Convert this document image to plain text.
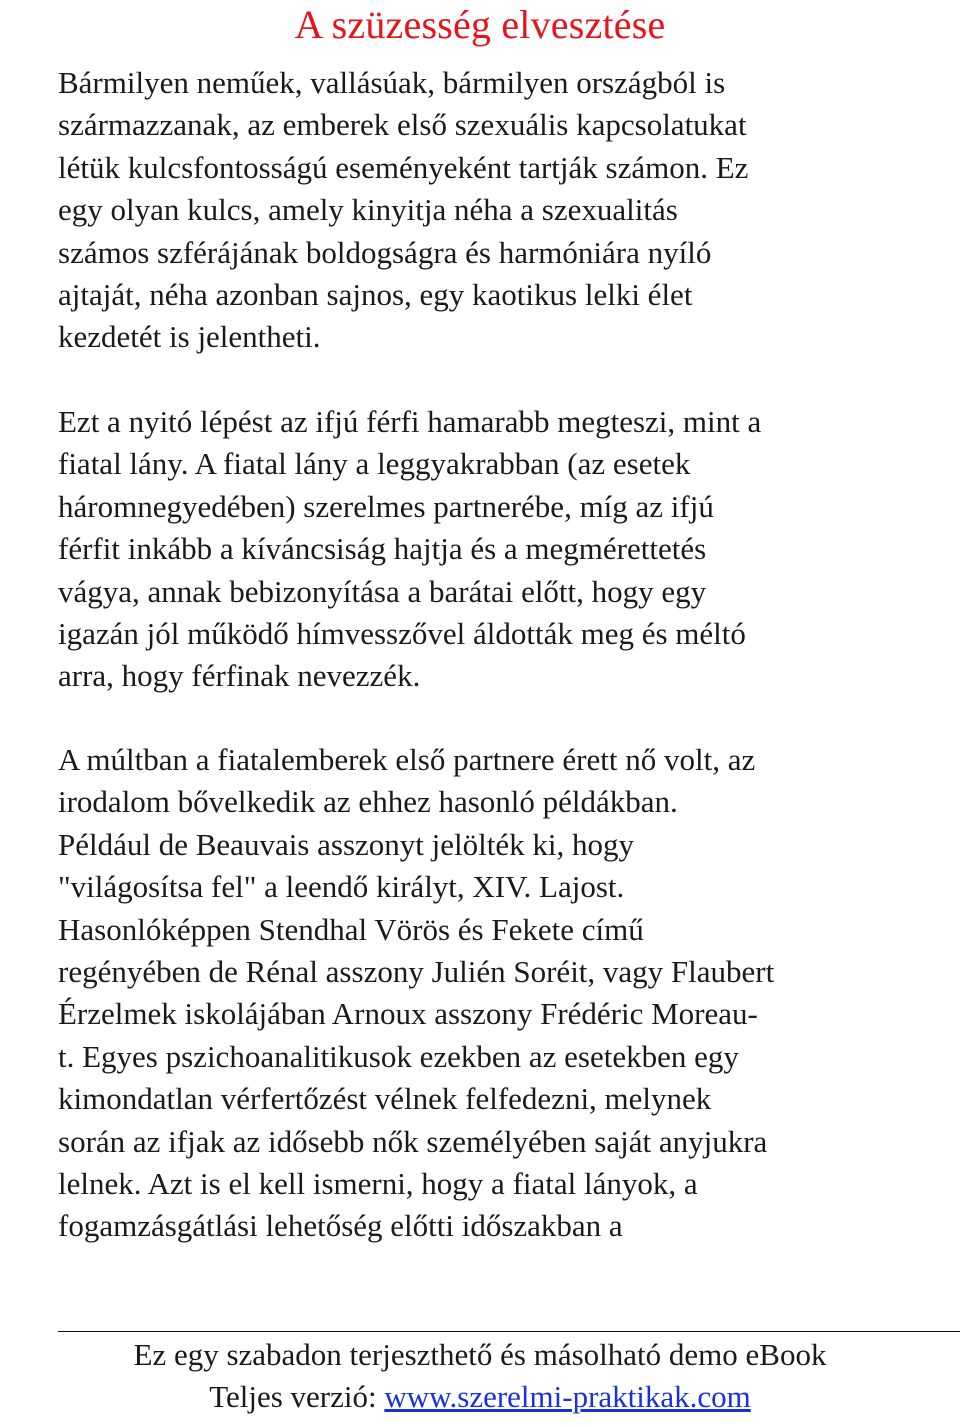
A szüzesség elvesztése
Bármilyen neműek, vallásúak, bármilyen országból is
származzanak, az emberek első szexuális kapcsolatukat
létük kulcsfontosságú eseményeként tartják számon. Ez
egy olyan kulcs, amely kinyitja néha a szexualitás
számos szférájának boldogságra és harmóniára nyíló
ajtaját, néha azonban sajnos, egy kaotikus lelki élet
kezdetét is jelentheti.
Ezt a nyitó lépést az ifjú férfi hamarabb megteszi, mint a
fiatal lány. A fiatal lány a leggyakrabban (az esetek
háromnegyedében) szerelmes partnerébe, míg az ifjú
férfit inkább a kíváncsiság hajtja és a megmérettetés
vágya, annak bebizonyítása a barátai előtt, hogy egy
igazán jól működő hímvesszővel áldották meg és méltó
arra, hogy férfinak nevezzék.
A múltban a fiatalemberek első partnere érett nő volt, az
irodalom bővelkedik az ehhez hasonló példákban.
Például de Beauvais asszonyt jelölték ki, hogy
"világosítsa fel" a leendő királyt, XIV. Lajost.
Hasonlóképpen Stendhal Vörös és Fekete című
regényében de Rénal asszony Julién Soréit, vagy Flaubert
Érzelmek iskolájában Arnoux asszony Frédéric Moreau-
t. Egyes pszichoanalitikusok ezekben az esetekben egy
kimondatlan vérfertőzést vélnek felfedezni, melynek
során az ifjak az idősebb nők személyében saját anyjukra
lelnek. Azt is el kell ismerni, hogy a fiatal lányok, a
fogamzásgátlási lehetőség előtti időszakban a
Ez egy szabadon terjeszthető és másolható demo eBook
Teljes verzió: www.szerelmi-praktikak.com
